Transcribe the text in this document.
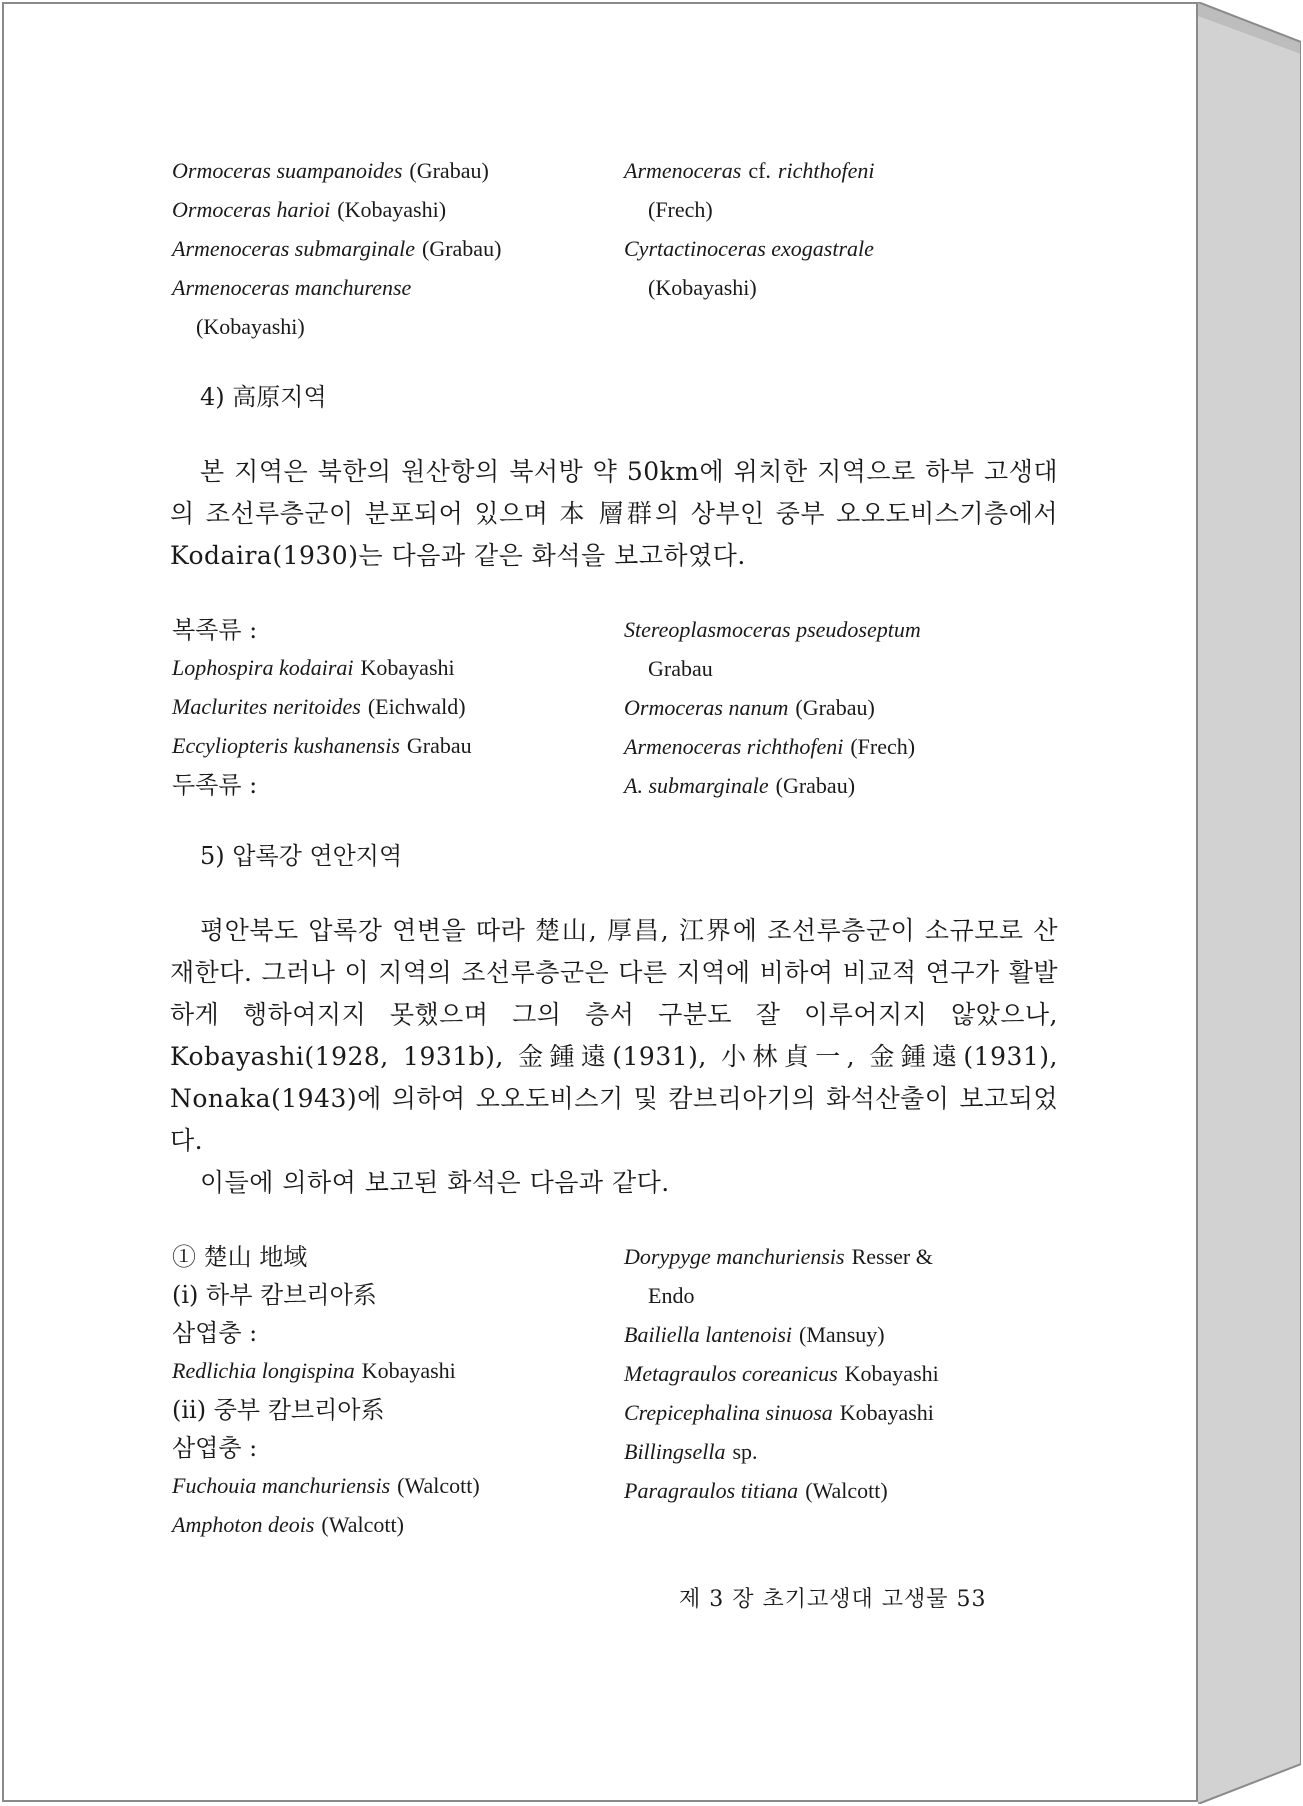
Ormoceras suampanoides (Grabau)
Ormoceras harioi (Kobayashi)
Armenoceras submarginale (Grabau)
Armenoceras manchurense
(Kobayashi)
Armenoceras cf. richthofeni
(Frech)
Cyrtactinoceras exogastrale
(Kobayashi)
4) 高原지역

본 지역은 북한의 원산항의 북서방 약 50km에 위치한 지역으로 하부 고생대의 조선루층군이 분포되어 있으며 本 層群의 상부인 중부 오오도비스기층에서 Kodaira(1930)는 다음과 같은 화석을 보고하였다.

복족류 :
Lophospira kodairai Kobayashi
Maclurites neritoides (Eichwald)
Eccyliopteris kushanensis Grabau
두족류 :
Stereoplasmoceras pseudoseptum
Grabau
Ormoceras nanum (Grabau)
Armenoceras richthofeni (Frech)
A. submarginale (Grabau)
5) 압록강 연안지역

평안북도 압록강 연변을 따라 楚山, 厚昌, 江界에 조선루층군이 소규모로 산재한다. 그러나 이 지역의 조선루층군은 다른 지역에 비하여 비교적 연구가 활발하게 행하여지지 못했으며 그의 층서 구분도 잘 이루어지지 않았으나, Kobayashi(1928, 1931b), 金鍾遠(1931), 小林貞一, 金鍾遠(1931), Nonaka(1943)에 의하여 오오도비스기 및 캄브리아기의 화석산출이 보고되었다.

이들에 의하여 보고된 화석은 다음과 같다.

① 楚山 地域
(i) 하부 캄브리아系
삼엽충 :
Redlichia longispina Kobayashi
(ii) 중부 캄브리아系
삼엽충 :
Fuchouia manchuriensis (Walcott)
Amphoton deois (Walcott)
Dorypyge manchuriensis Resser &
Endo
Bailiella lantenoisi (Mansuy)
Metagraulos coreanicus Kobayashi
Crepicephalina sinuosa Kobayashi
Billingsella sp.
Paragraulos titiana (Walcott)
제 3 장 초기고생대 고생물 53
